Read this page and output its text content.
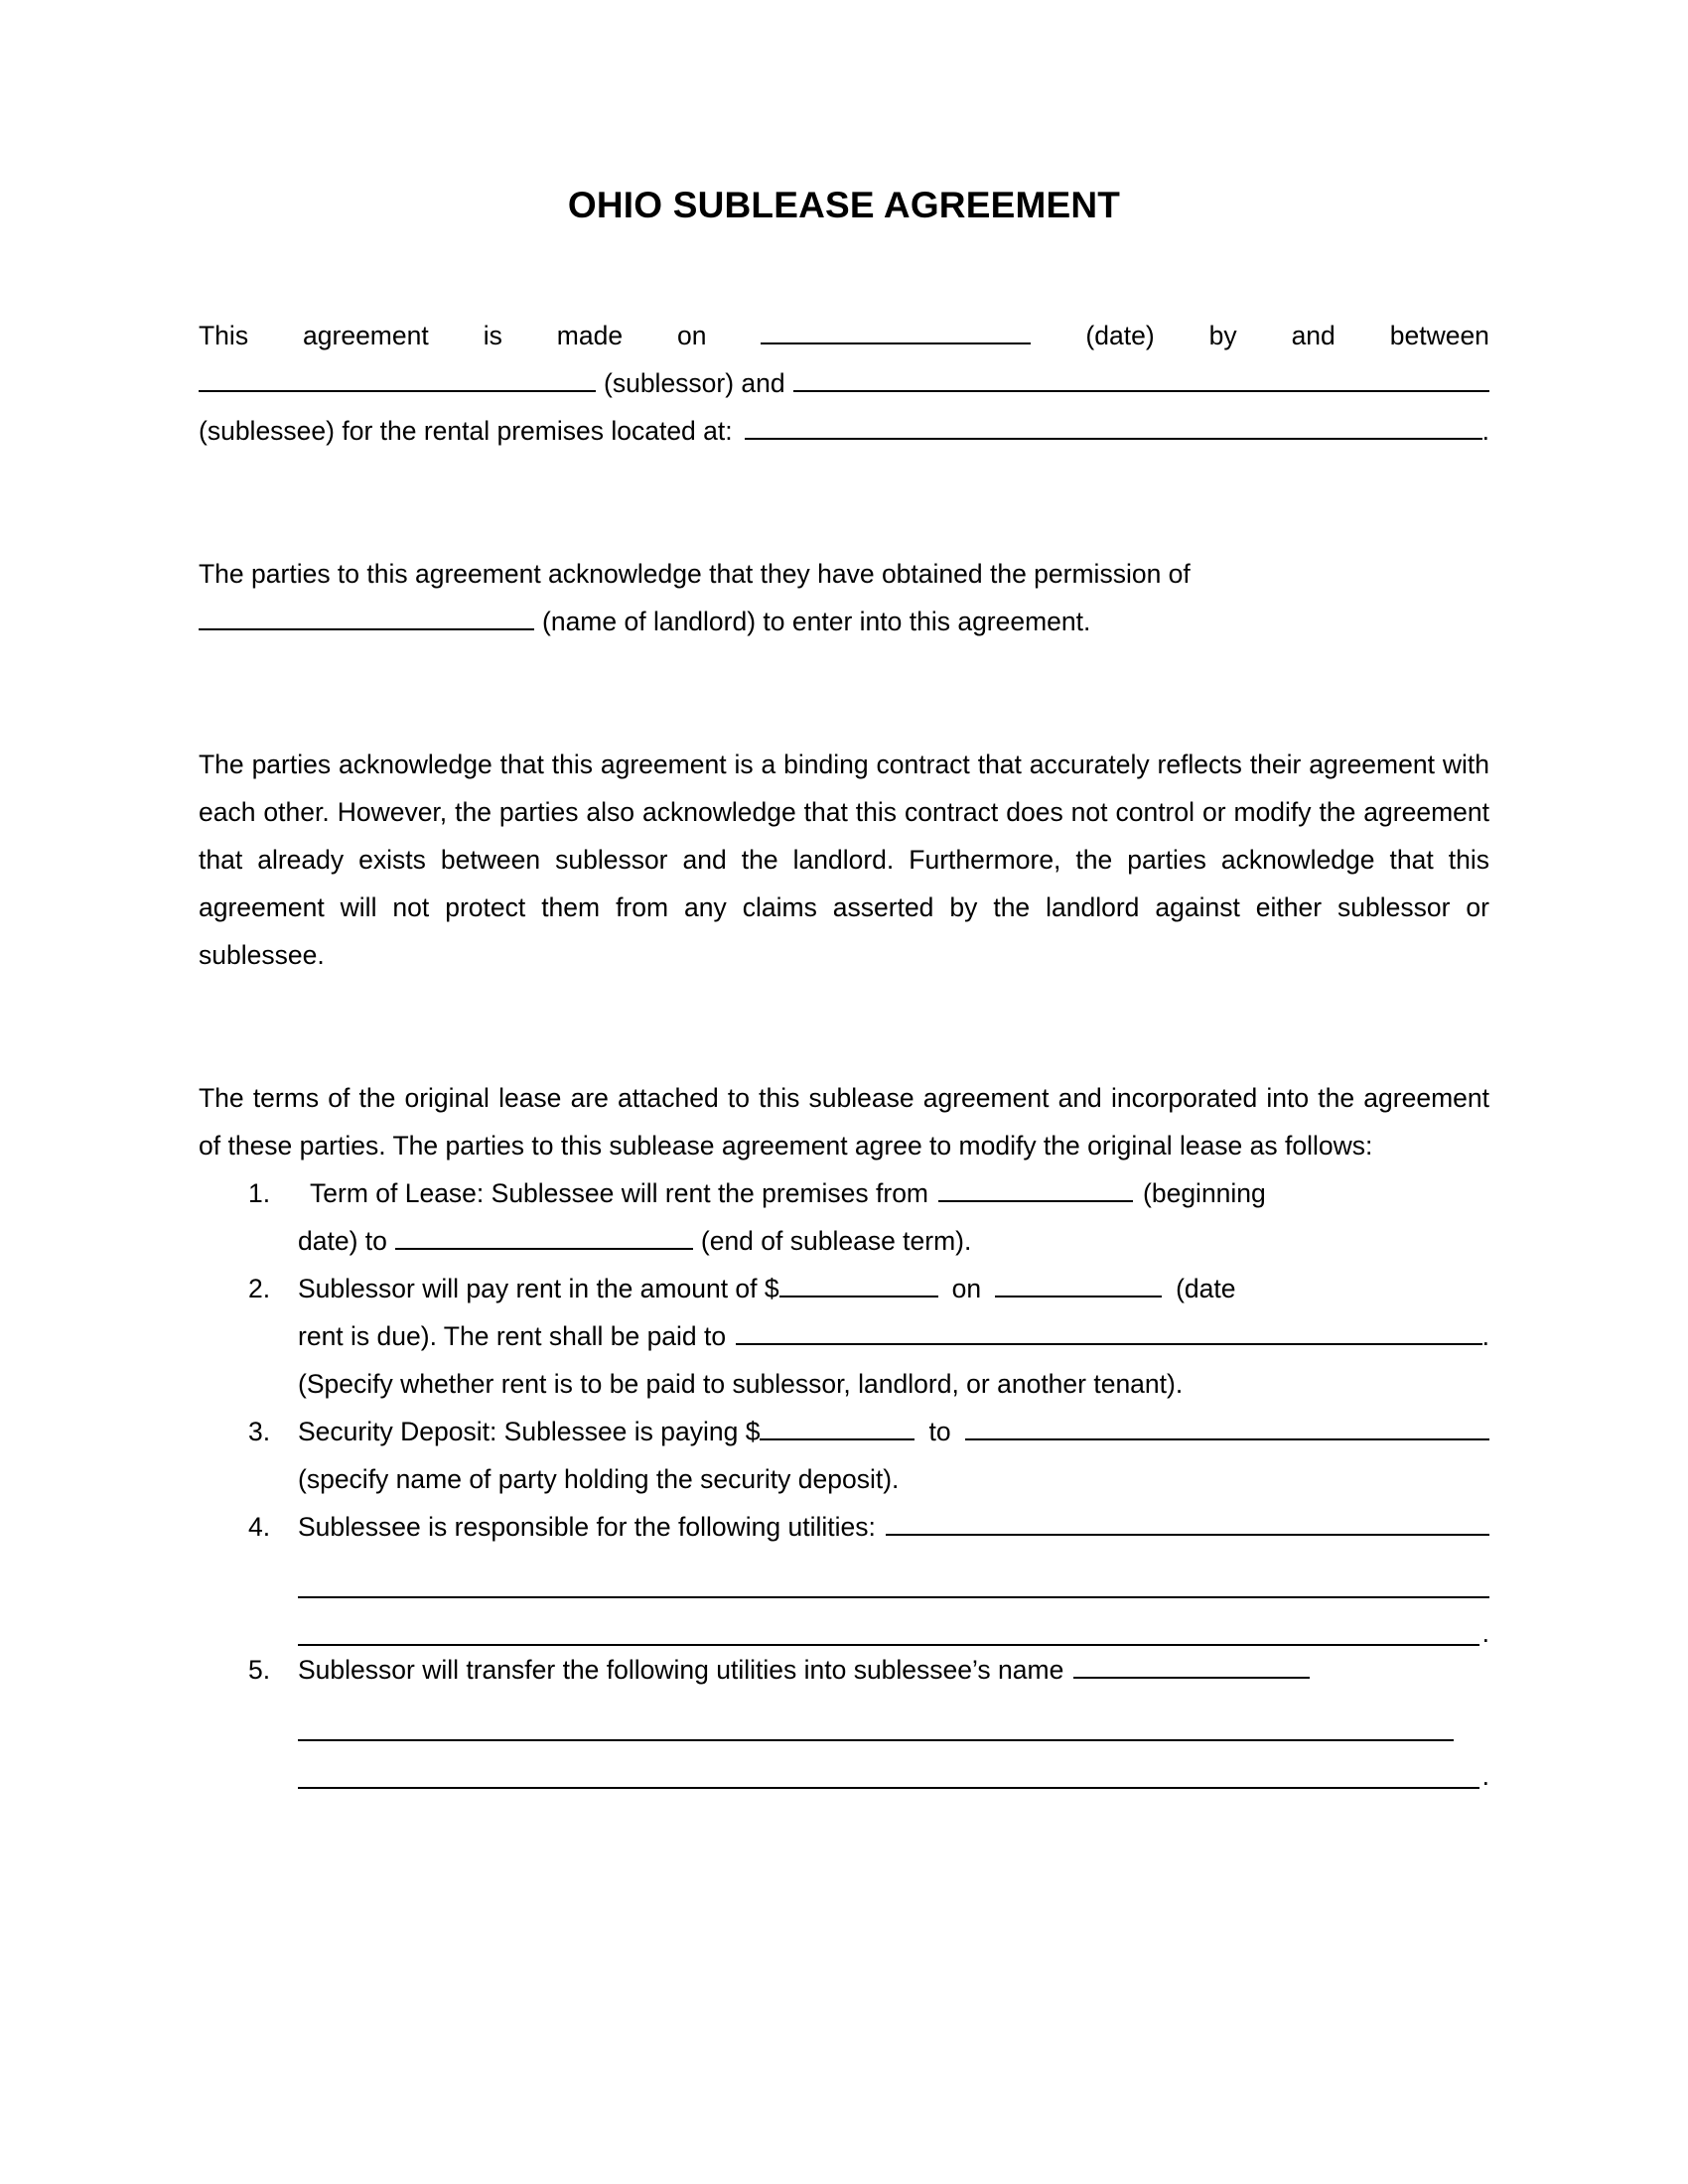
OHIO SUBLEASE AGREEMENT
This agreement is made on	(date) by and between
(sublessor) and
(sublessee) for the rental premises located at:	.
The parties to this agreement acknowledge that they have obtained the permission of
(name of landlord) to enter into this agreement.

The parties acknowledge that this agreement is a binding contract that accurately reflects their agreement with each other. However, the parties also acknowledge that this contract does not control or modify the agreement that already exists between sublessor and the landlord. Furthermore, the parties acknowledge that this agreement will not protect them from any claims asserted by the landlord against either sublessor or sublessee.

The terms of the original lease are attached to this sublease agreement and incorporated into the agreement of these parties. The parties to this sublease agreement agree to modify the original lease as follows:

1.	Term of Lease: Sublessee will rent the premises from	(beginning
date) to	(end of sublease term).
2.	Sublessor will pay rent in the amount of $	on	(date
rent is due). The rent shall be paid to	.
(Specify whether rent is to be paid to sublessor, landlord, or another tenant).
3.	Security Deposit: Sublessee is paying $	to
(specify name of party holding the security deposit).
4.	Sublessee is responsible for the following utilities:
.
5.	Sublessor will transfer the following utilities into sublessee’s name
.
